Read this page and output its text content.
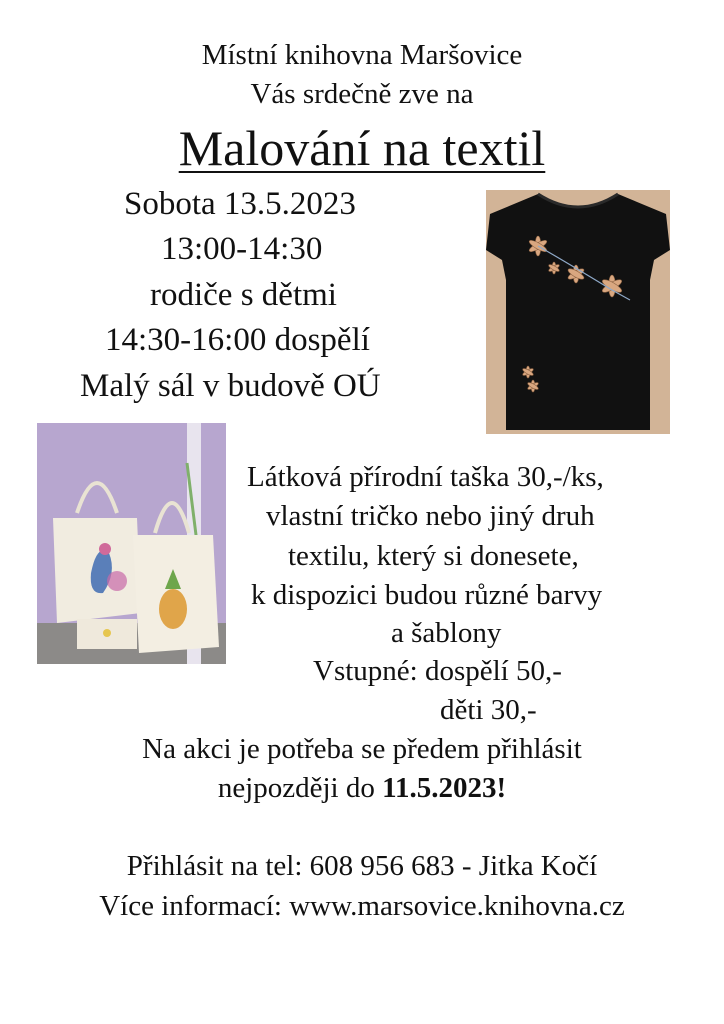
Místní knihovna Maršovice
Vás srdečně zve na
Malování na textil
Sobota 13.5.2023
13:00-14:30
rodiče s dětmi
14:30-16:00 dospělí
Malý sál v budově OÚ
Látková přírodní taška 30,-/ks,
vlastní tričko nebo jiný druh
textilu, který si donesete,
k dispozici budou různé barvy
a šablony
Vstupné: dospělí 50,-
děti 30,-
Na akci je potřeba se předem přihlásit
nejpozději do 11.5.2023!
Přihlásit na tel: 608 956 683 - Jitka Kočí
Více informací: www.marsovice.knihovna.cz
